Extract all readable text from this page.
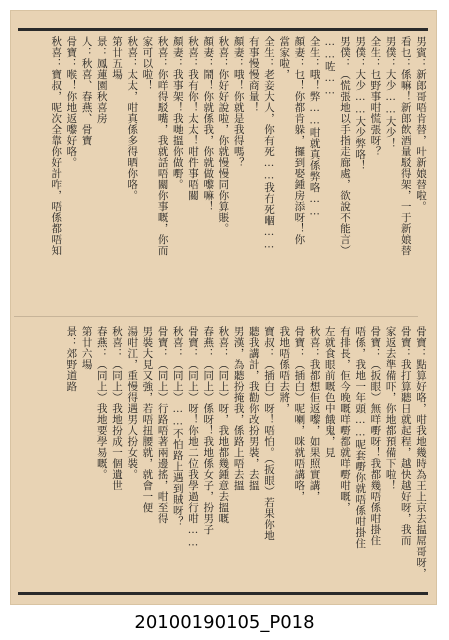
男賓：新郎哥唔肯替，叶新娘替啦。
看乜：係嘛！新郎飲酒量駁得架，一于新娘替
男僕：大少……大少！
全生：乜野事咁慌張呀？
男僕：大少……大少弊咯！
男僕：（慌張地以手指走廊處，欲說不能言）
……咗……
全生：哦！弊……咁就真係弊咯……
顏妻：乜！你都肯躲，攞到娶鍾房添呀！你
當家啦，
全生：老妾大人，你有死……我冇死嗰……
有事慢慢商量！
顏妻：哦！你就是我得嗎？
秋喜：你好好說啦，你就慢慢同你算賬。
顏妻：鬧！你就係我，你就做嚟嘛！
秋喜：我有你！太太！咁件事唔關
顏妻：我事架！我哋搵你做嘢。
秋喜：你咩得駁嘴，我就話唔關你事嘅，你而
家可以啦！
秋喜：太太，咁真係多得晒你咯。
第廿五場
景：鳳蓮園秋喜房
人：秋喜、春燕、骨寶
骨寶：喉！你地返嚟好咯。
秋喜：寶叔，呢次全靠你好計咋，唔係都唔知
骨寶：點算好咯，咁我地幾時為王上京去揾屌哥呀，
骨寶：我打算聽日就起程，越快越好呀，我而
家返去準備吓，你地都預備下啦！
骨寶：（扳眼）無咩嘢呀！我都幾唔係咁掛住
唔係，我地一年頭……呢套嘢你就唔係咁掛住
有排長，佢今晚嘅咩嘢都就咩嘢咁嘅，
左就食眼前嘅色中餓鬼，見
秋喜：我都想佢返嚟，如果照實講，
骨寶：（插白）呢喇，咪就唔講咯，
我地唔係唔去將，
寶叔：（插白）呀！唔怕。（扳眼）若果你地
聽我講計，我勸你改扮男裝，去搵
男漢，為聽扮掩我，係路上唔去搵
秋喜：（同上）呀，我地都幾鍾意去搵嘅
春燕：（同上）係呀！我地係女子，扮男子
骨寶：（同上）呀！你地二位我學過行咁……
秋喜：（同上）……不怕路上遇到賊呀？
骨寶：（同上）行路唔著兩邊搖，咁至得
男裝大見又強，若唔扭腰就，就會一便
湯咁江，重慢得遇男人扮女裝。
秋喜：（同上）我地扮成一個遺世
春燕：（同上）我地要學易嘅。
第廿六場
景：郊野道路
20100190105_P018
